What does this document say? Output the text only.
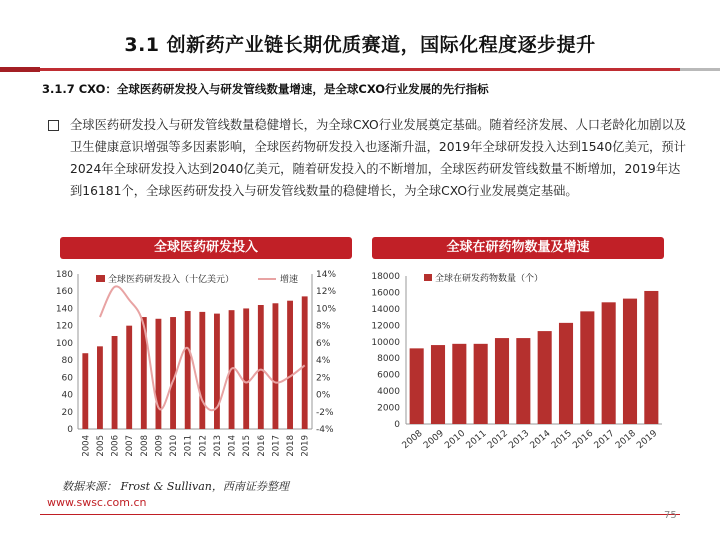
3.1 创新药产业链长期优质赛道，国际化程度逐步提升
3.1.7 CXO：全球医药研发投入与研发管线数量增速，是全球CXO行业发展的先行指标
全球医药研发投入与研发管线数量稳健增长，为全球CXO行业发展奠定基础。随着经济发展、人口老龄化加剧以及卫生健康意识增强等多因素影响，全球医药物研发投入也逐渐升温，2019年全球研发投入达到1540亿美元，预计2024年全球研发投入达到2040亿美元，随着研发投入的不断增加，全球医药研发管线数量不断增加，2019年达到16181个，全球医药研发投入与研发管线数量的稳健增长，为全球CXO行业发展奠定基础。
全球医药研发投入	全球在研药物数量及增速
0
20
40
60
80
100
120
140
160
180
-4%
-2%
0%
2%
4%
6%
8%
10%
12%
14%
2004 2005 2006 2007 2008 2009 2010 2011 2012 2013 2014 2015 2016 2017 2018 2019
全球医药研发投入（十亿美元）	增速
0
2000
4000
6000
8000
10000
12000
14000
16000
18000
2008
2009
2010
2011
2012
2013
2014
2015
2016
2017
2018
2019
全球在研发药物数量（个）
数据来源： Frost & Sullivan，西南证券整理
www.swsc.com.cn
75
